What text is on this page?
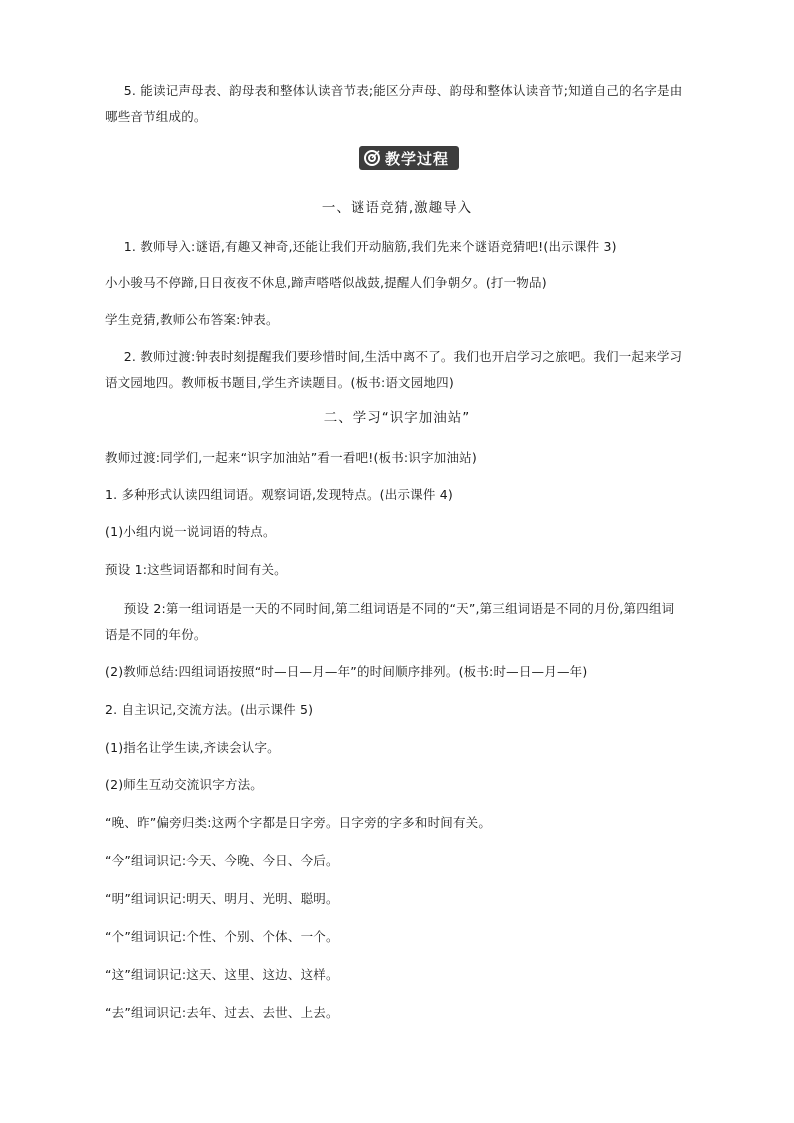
5. 能读记声母表、韵母表和整体认读音节表;能区分声母、韵母和整体认读音节;知道自己的名字是由

哪些音节组成的。

教学过程

一、谜语竞猜,激趣导入

1. 教师导入:谜语,有趣又神奇,还能让我们开动脑筋,我们先来个谜语竞猜吧!(出示课件 3)

小小骏马不停蹄,日日夜夜不休息,蹄声嗒嗒似战鼓,提醒人们争朝夕。(打一物品)

学生竞猜,教师公布答案:钟表。

2. 教师过渡:钟表时刻提醒我们要珍惜时间,生活中离不了。我们也开启学习之旅吧。我们一起来学习

语文园地四。教师板书题目,学生齐读题目。(板书:语文园地四)

二、学习“识字加油站”

教师过渡:同学们,一起来“识字加油站”看一看吧!(板书:识字加油站)

1. 多种形式认读四组词语。观察词语,发现特点。(出示课件 4)

(1)小组内说一说词语的特点。

预设 1:这些词语都和时间有关。

预设 2:第一组词语是一天的不同时间,第二组词语是不同的“天”,第三组词语是不同的月份,第四组词

语是不同的年份。

(2)教师总结:四组词语按照“时—日—月—年”的时间顺序排列。(板书:时—日—月—年)

2. 自主识记,交流方法。(出示课件 5)

(1)指名让学生读,齐读会认字。

(2)师生互动交流识字方法。

“晚、昨”偏旁归类:这两个字都是日字旁。日字旁的字多和时间有关。

“今”组词识记:今天、今晚、今日、今后。

“明”组词识记:明天、明月、光明、聪明。

“个”组词识记:个性、个别、个体、一个。

“这”组词识记:这天、这里、这边、这样。

“去”组词识记:去年、过去、去世、上去。
